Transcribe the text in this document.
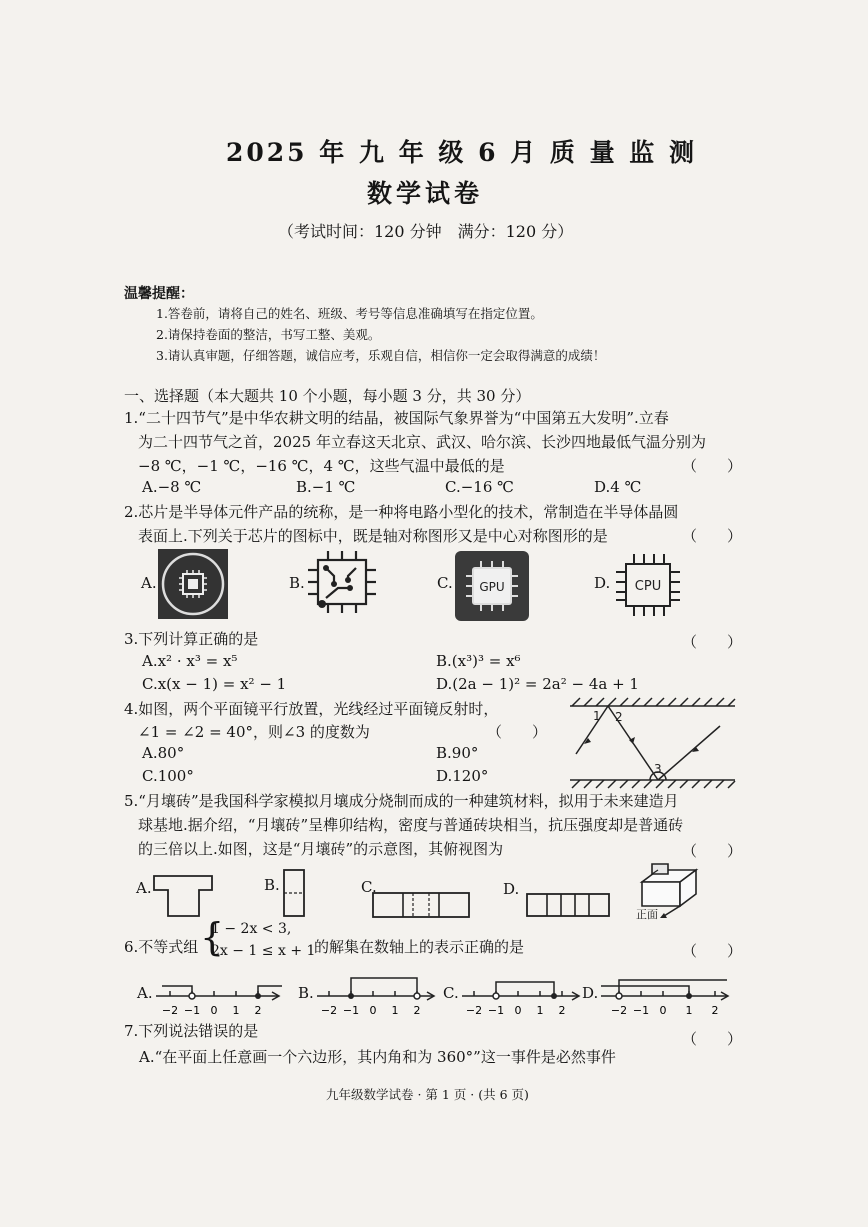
2025 年 九 年 级 6 月 质 量 监 测
数学试卷
（考试时间：120 分钟　满分：120 分）
温馨提醒：
1.答卷前，请将自己的姓名、班级、考号等信息准确填写在指定位置。
2.请保持卷面的整洁，书写工整、美观。
3.请认真审题，仔细答题，诚信应考，乐观自信，相信你一定会取得满意的成绩！
一、选择题（本大题共 10 个小题，每小题 3 分，共 30 分）
1.“二十四节气”是中华农耕文明的结晶，被国际气象界誉为“中国第五大发明”.立春
为二十四节气之首，2025 年立春这天北京、武汉、哈尔滨、长沙四地最低气温分别为
−8 ℃，−1 ℃，−16 ℃，4 ℃，这些气温中最低的是	（　　）
A.−8 ℃	B.−1 ℃	C.−16 ℃	D.4 ℃
2.芯片是半导体元件产品的统称，是一种将电路小型化的技术，常制造在半导体晶圆
表面上.下列关于芯片的图标中，既是轴对称图形又是中心对称图形的是	（　　）
A.	B.	C. GPU	D. CPU
3.下列计算正确的是	（　　）
A.x² · x³ = x⁵	B.(x³)³ = x⁶
C.x(x − 1) = x² − 1	D.(2a − 1)² = 2a² − 4a + 1
4.如图，两个平面镜平行放置，光线经过平面镜反射时，
∠1 = ∠2 = 40°，则∠3 的度数为	（　　）
A.80°	B.90°
C.100°	D.120°
1 2
3
5.“月壤砖”是我国科学家模拟月壤成分烧制而成的一种建筑材料，拟用于未来建造月
球基地.据介绍，“月壤砖”呈榫卯结构，密度与普通砖块相当，抗压强度却是普通砖
的三倍以上.如图，这是“月壤砖”的示意图，其俯视图为	（　　）
A.	B.	C.	D.
正面
6.不等式组 {
1 − 2x < 3,
2x − 1 ≤ x + 1
的解集在数轴上的表示正确的是	（　　）
A.
−2 −1 0 1 2
B.
−2 −1 0 1 2
C.
−2 −1 0 1 2
D.
−2 −1 0 1 2
7.下列说法错误的是	（　　）
A.“在平面上任意画一个六边形，其内角和为 360°”这一事件是必然事件
九年级数学试卷 · 第 1 页 · (共 6 页)
